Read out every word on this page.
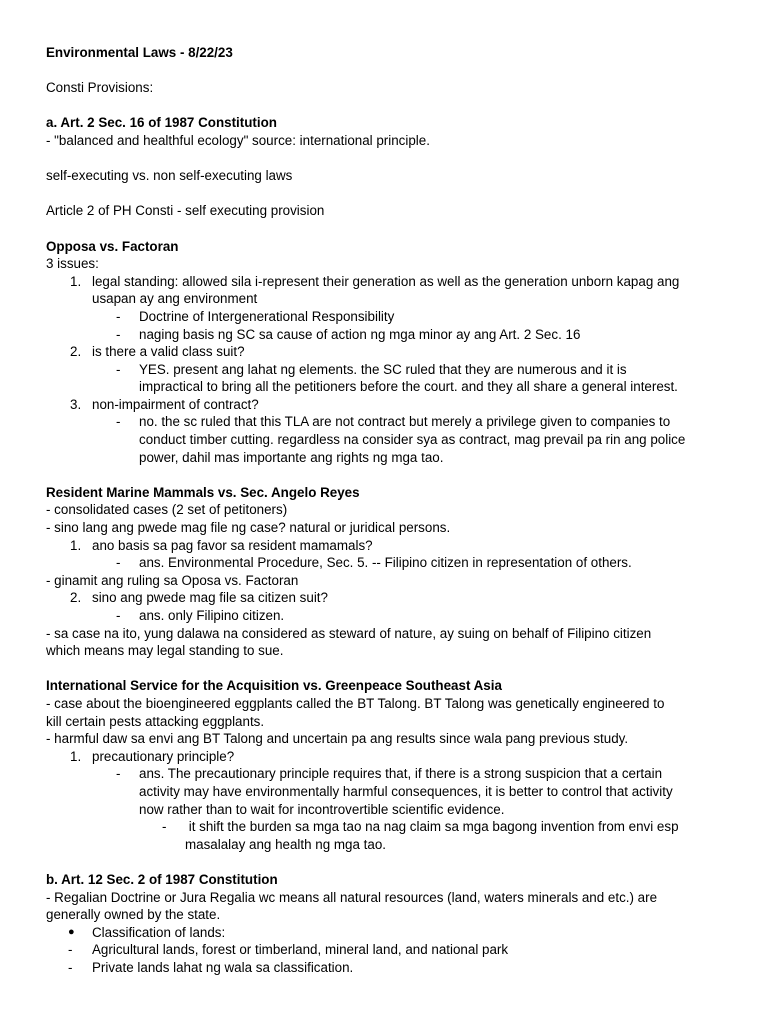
Environmental Laws - 8/22/23
Consti Provisions:
a. Art. 2 Sec. 16 of 1987 Constitution
- "balanced and healthful ecology" source: international principle.
self-executing vs. non self-executing laws
Article 2 of PH Consti - self executing provision
Opposa vs. Factoran
3 issues:
1. legal standing: allowed sila i-represent their generation as well as the generation unborn kapag ang
usapan ay ang environment
- Doctrine of Intergenerational Responsibility
- naging basis ng SC sa cause of action ng mga minor ay ang Art. 2 Sec. 16
2. is there a valid class suit?
- YES. present ang lahat ng elements. the SC ruled that they are numerous and it is
impractical to bring all the petitioners before the court. and they all share a general interest.
3. non-impairment of contract?
- no. the sc ruled that this TLA are not contract but merely a privilege given to companies to
conduct timber cutting. regardless na consider sya as contract, mag prevail pa rin ang police
power, dahil mas importante ang rights ng mga tao.
Resident Marine Mammals vs. Sec. Angelo Reyes
- consolidated cases (2 set of petitoners)
- sino lang ang pwede mag file ng case? natural or juridical persons.
1. ano basis sa pag favor sa resident mamamals?
- ans. Environmental Procedure, Sec. 5. -- Filipino citizen in representation of others.
- ginamit ang ruling sa Oposa vs. Factoran
2. sino ang pwede mag file sa citizen suit?
- ans. only Filipino citizen.
- sa case na ito, yung dalawa na considered as steward of nature, ay suing on behalf of Filipino citizen
which means may legal standing to sue.
International Service for the Acquisition vs. Greenpeace Southeast Asia
- case about the bioengineered eggplants called the BT Talong. BT Talong was genetically engineered to
kill certain pests attacking eggplants.
- harmful daw sa envi ang BT Talong and uncertain pa ang results since wala pang previous study.
1. precautionary principle?
- ans. The precautionary principle requires that, if there is a strong suspicion that a certain
activity may have environmentally harmful consequences, it is better to control that activity
now rather than to wait for incontrovertible scientific evidence.
- it shift the burden sa mga tao na nag claim sa mga bagong invention from envi esp
masalalay ang health ng mga tao.
b. Art. 12 Sec. 2 of 1987 Constitution
- Regalian Doctrine or Jura Regalia wc means all natural resources (land, waters minerals and etc.) are
generally owned by the state.
● Classification of lands:
- Agricultural lands, forest or timberland, mineral land, and national park
- Private lands lahat ng wala sa classification.
